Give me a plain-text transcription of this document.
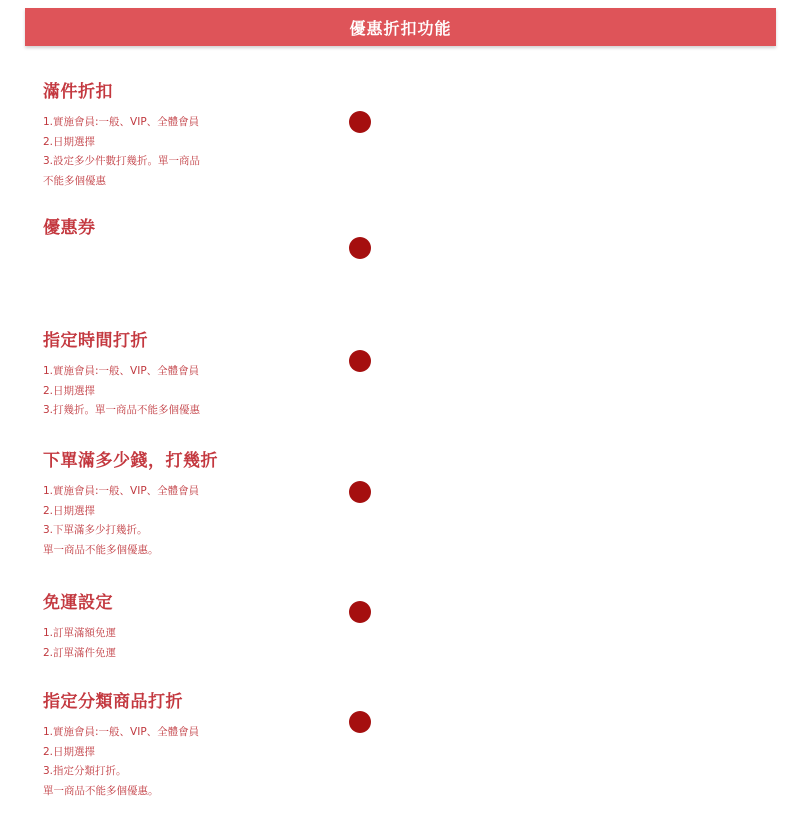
優惠折扣功能
滿件折扣
1.實施會員:一般、VIP、全體會員
2.日期選擇
3.設定多少件數打幾折。單一商品
不能多個優惠
優惠券
指定時間打折
1.實施會員:一般、VIP、全體會員
2.日期選擇
3.打幾折。單一商品不能多個優惠
下單滿多少錢，打幾折
1.實施會員:一般、VIP、全體會員
2.日期選擇
3.下單滿多少打幾折。
單一商品不能多個優惠。
免運設定
1.訂單滿額免運
2.訂單滿件免運
指定分類商品打折
1.實施會員:一般、VIP、全體會員
2.日期選擇
3.指定分類打折。
單一商品不能多個優惠。
